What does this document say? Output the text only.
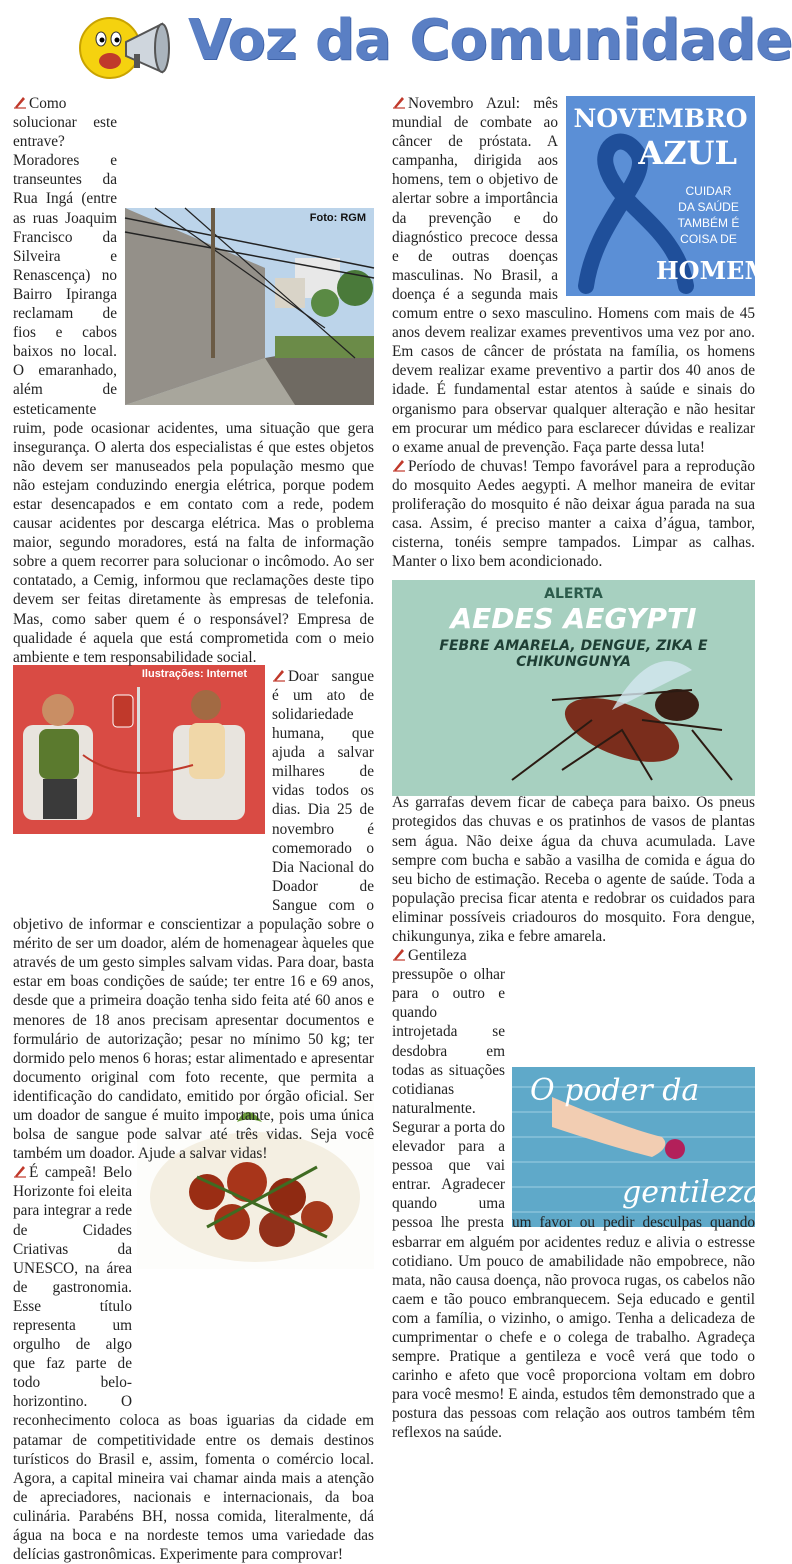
Voz da Comunidade
Foto: RGM
Ilustrações: Internet

Como solucionar este entrave? Moradores e transeuntes da Rua Ingá (entre as ruas Joaquim Francisco da Silveira e Renascença) no Bairro Ipiranga reclamam de fios e cabos baixos no local. O emaranhado, além de esteticamente ruim, pode ocasionar acidentes, uma situação que gera insegurança. O alerta dos especialistas é que estes objetos não devem ser manuseados pela população mesmo que não estejam conduzindo energia elétrica, porque podem estar desencapados e em contato com a rede, podem causar acidentes por descarga elétrica. Mas o problema maior, segundo moradores, está na falta de informação sobre a quem recorrer para solucionar o incômodo. Ao ser contatado, a Cemig, informou que reclamações deste tipo devem ser feitas diretamente às empresas de telefonia. Mas, como saber quem é o responsável? Empresa de qualidade é aquela que está comprometida com o meio ambiente e tem responsabilidade social.

Doar sangue é um ato de solidariedade humana, que ajuda a salvar milhares de vidas todos os dias. Dia 25 de novembro é comemorado o Dia Nacional do Doador de Sangue com o objetivo de informar e conscientizar a população sobre o mérito de ser um doador, além de homenagear àqueles que através de um gesto simples salvam vidas. Para doar, basta estar em boas condições de saúde; ter entre 16 e 69 anos, desde que a primeira doação tenha sido feita até 60 anos e menores de 18 anos precisam apresentar documentos e formulário de autorização; pesar no mínimo 50 kg; ter dormido pelo menos 6 horas; estar alimentado e apresentar documento original com foto recente, que permita a identificação do candidato, emitido por órgão oficial. Ser um doador de sangue é muito importante, pois uma única bolsa de sangue pode salvar até três vidas. Seja você também um doador. Ajude a salvar vidas!

É campeã! Belo Horizonte foi eleita para integrar a rede de Cidades Criativas da UNESCO, na área de gastronomia. Esse título representa um orgulho de algo que faz parte de todo belo-horizontino. O reconhecimento coloca as boas iguarias da cidade em patamar de competitividade entre os demais destinos turísticos do Brasil e, assim, fomenta o comércio local. Agora, a capital mineira vai chamar ainda mais a atenção de apreciadores, nacionais e internacionais, da boa culinária. Parabéns BH, nossa comida, literalmente, dá água na boca e na nordeste temos uma variedade das delícias gastronômicas. Experimente para comprovar!

NOVEMBRO
AZUL
CUIDAR
DA SAÚDE
TAMBÉM É
COISA DE
HOMEM
ALERTA
AEDES AEGYPTI
FEBRE AMARELA, DENGUE, ZIKA E CHIKUNGUNYA
O poder da
gentileza

Novembro Azul: mês mundial de combate ao câncer de próstata. A campanha, dirigida aos homens, tem o objetivo de alertar sobre a importância da prevenção e do diagnóstico precoce dessa e de outras doenças masculinas. No Brasil, a doença é a segunda mais comum entre o sexo masculino. Homens com mais de 45 anos devem realizar exames preventivos uma vez por ano. Em casos de câncer de próstata na família, os homens devem realizar exame preventivo a partir dos 40 anos de idade. É fundamental estar atentos à saúde e sinais do organismo para observar qualquer alteração e não hesitar em procurar um médico para esclarecer dúvidas e realizar o exame anual de prevenção. Faça parte dessa luta!

Período de chuvas! Tempo favorável para a reprodução do mosquito Aedes aegypti. A melhor maneira de evitar proliferação do mosquito é não deixar água parada na sua casa. Assim, é preciso manter a caixa d’água, tambor, cisterna, tonéis sempre tampados. Limpar as calhas. Manter o lixo bem acondicionado.

As garrafas devem ficar de cabeça para baixo. Os pneus protegidos das chuvas e os pratinhos de vasos de plantas sem água. Não deixe água da chuva acumulada. Lave sempre com bucha e sabão a vasilha de comida e água do seu bicho de estimação. Receba o agente de saúde. Toda a população precisa ficar atenta e redobrar os cuidados para eliminar possíveis criadouros do mosquito. Fora dengue, chikungunya, zika e febre amarela.

Gentileza pressupõe o olhar para o outro e quando introjetada se desdobra em todas as situações cotidianas naturalmente. Segurar a porta do elevador para a pessoa que vai entrar. Agradecer quando uma pessoa lhe presta um favor ou pedir desculpas quando esbarrar em alguém por acidentes reduz e alivia o estresse cotidiano. Um pouco de amabilidade não empobrece, não mata, não causa doença, não provoca rugas, os cabelos não caem e tão pouco embranquecem. Seja educado e gentil com a família, o vizinho, o amigo. Tenha a delicadeza de cumprimentar o chefe e o colega de trabalho. Agradeça sempre. Pratique a gentileza e você verá que todo o carinho e afeto que você proporciona voltam em dobro para você mesmo! E ainda, estudos têm demonstrado que a postura das pessoas com relação aos outros também têm reflexos na saúde.
